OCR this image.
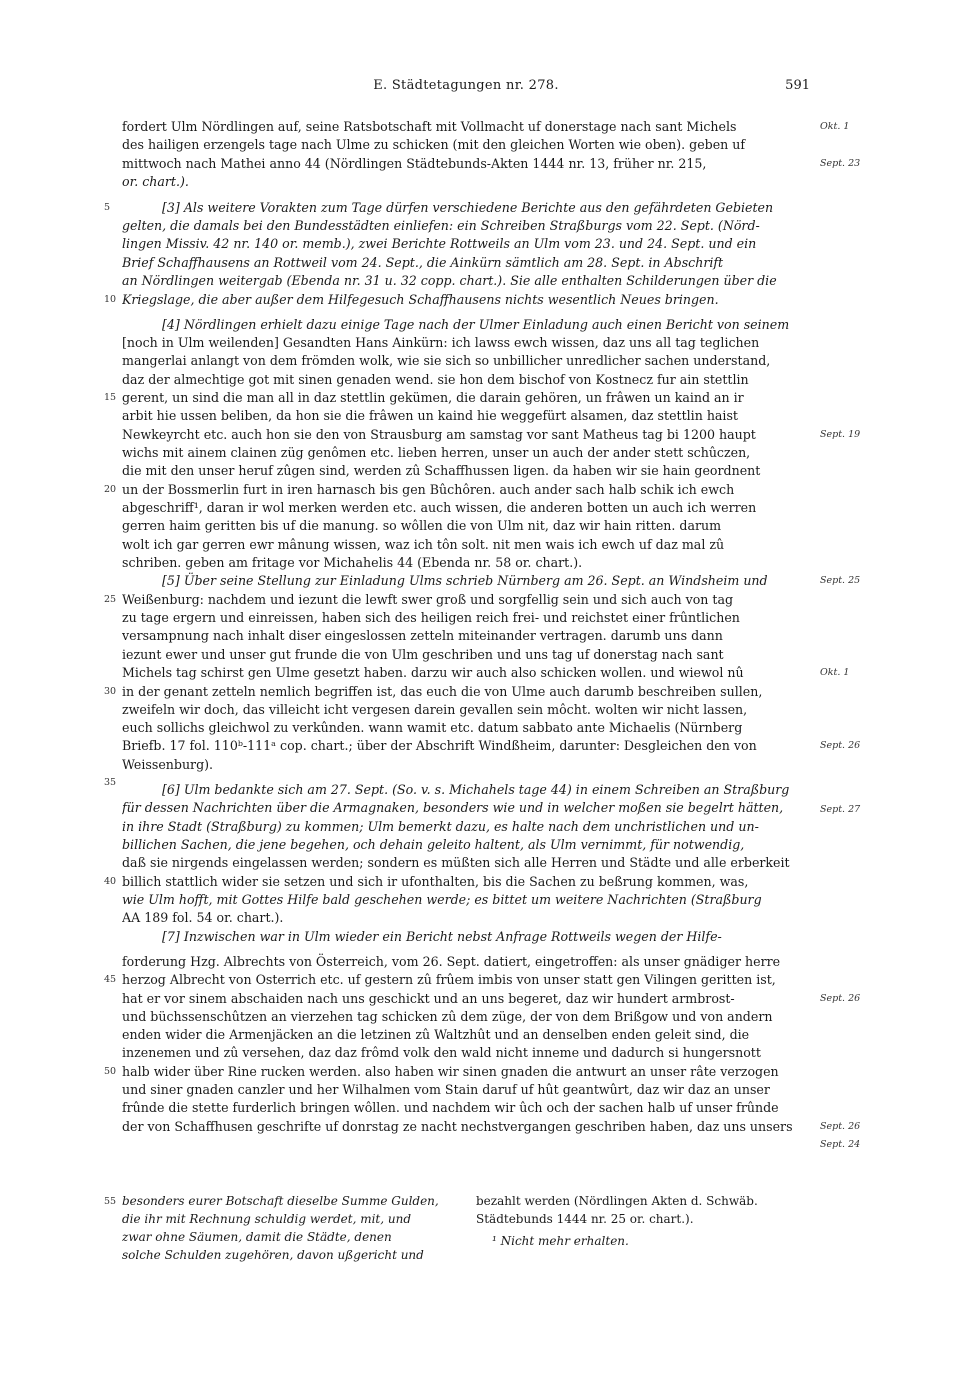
E. Städtetagungen nr. 278.	591
fordert Ulm Nördlingen auf, seine Ratsbotschaft mit Vollmacht uf donerstage nach sant Michels
des hailigen erzengels tage nach Ulme zu schicken (mit den gleichen Worten wie oben). geben uf
mittwoch nach Mathei anno 44 (Nördlingen Städtebunds-Akten 1444 nr. 13, früher nr. 215,
or. chart.).
[3] Als weitere Vorakten zum Tage dürfen verschiedene Berichte aus den gefährdeten Gebieten
gelten, die damals bei den Bundesstädten einliefen: ein Schreiben Straßburgs vom 22. Sept. (Nörd-
lingen Missiv. 42 nr. 140 or. memb.), zwei Berichte Rottweils an Ulm vom 23. und 24. Sept. und ein
Brief Schaffhausens an Rottweil vom 24. Sept., die Ainkürn sämtlich am 28. Sept. in Abschrift
an Nördlingen weitergab (Ebenda nr. 31 u. 32 copp. chart.). Sie alle enthalten Schilderungen über die
Kriegslage, die aber außer dem Hilfegesuch Schaffhausens nichts wesentlich Neues bringen.
[4] Nördlingen erhielt dazu einige Tage nach der Ulmer Einladung auch einen Bericht von seinem
[noch in Ulm weilenden] Gesandten Hans Ainkürn: ich lawss ewch wissen, daz uns all tag teglichen
mangerlai anlangt von dem frömden wolk, wie sie sich so unbillicher unredlicher sachen understand,
daz der almechtige got mit sinen genaden wend. sie hon dem bischof von Kostnecz fur ain stettlin
gerent, un sind die man all in daz stettlin gekümen, die darain gehören, un frâwen un kaind an ir
arbit hie ussen beliben, da hon sie die frâwen un kaind hie weggefürt alsamen, daz stettlin haist
Newkeyrcht etc. auch hon sie den von Strausburg am samstag vor sant Matheus tag bi 1200 haupt
wichs mit ainem clainen züg genômen etc. lieben herren, unser un auch der ander stett schûczen,
die mit den unser heruf zûgen sind, werden zû Schaffhussen ligen. da haben wir sie hain geordnent
un der Bossmerlin furt in iren harnasch bis gen Bûchôren. auch ander sach halb schik ich ewch
abgeschriff¹, daran ir wol merken werden etc. auch wissen, die anderen botten un auch ich werren
gerren haim geritten bis uf die manung. so wôllen die von Ulm nit, daz wir hain ritten. darum
wolt ich gar gerren ewr mânung wissen, waz ich tôn solt. nit men wais ich ewch uf daz mal zû
schriben. geben am fritage vor Michahelis 44 (Ebenda nr. 58 or. chart.).
[5] Über seine Stellung zur Einladung Ulms schrieb Nürnberg am 26. Sept. an Windsheim und
Weißenburg: nachdem und iezunt die lewft swer groß und sorgfellig sein und sich auch von tag
zu tage ergern und einreissen, haben sich des heiligen reich frei- und reichstet einer frûntlichen
versampnung nach inhalt diser eingeslossen zetteln miteinander vertragen. darumb uns dann
iezunt ewer und unser gut frunde die von Ulm geschriben und uns tag uf donerstag nach sant
Michels tag schirst gen Ulme gesetzt haben. darzu wir auch also schicken wollen. und wiewol nû
in der genant zetteln nemlich begriffen ist, das euch die von Ulme auch darumb beschreiben sullen,
zweifeln wir doch, das villeicht icht vergesen darein gevallen sein môcht. wolten wir nicht lassen,
euch sollichs gleichwol zu verkûnden. wann wamit etc. datum sabbato ante Michaelis (Nürnberg
Briefb. 17 fol. 110ᵇ-111ᵃ cop. chart.; über der Abschrift Windßheim, darunter: Desgleichen den von
Weissenburg).
[6] Ulm bedankte sich am 27. Sept. (So. v. s. Michahels tage 44) in einem Schreiben an Straßburg
für dessen Nachrichten über die Armagnaken, besonders wie und in welcher moßen sie begelrt hätten,
in ihre Stadt (Straßburg) zu kommen; Ulm bemerkt dazu, es halte nach dem unchristlichen und un-
billichen Sachen, die jene begehen, och dehain geleito haltent, als Ulm vernimmt, für notwendig,
daß sie nirgends eingelassen werden; sondern es müßten sich alle Herren und Städte und alle erberkeit
billich stattlich wider sie setzen und sich ir ufonthalten, bis die Sachen zu beßrung kommen, was,
wie Ulm hofft, mit Gottes Hilfe bald geschehen werde; es bittet um weitere Nachrichten (Straßburg
AA 189 fol. 54 or. chart.).
[7] Inzwischen war in Ulm wieder ein Bericht nebst Anfrage Rottweils wegen der Hilfe-
forderung Hzg. Albrechts von Österreich, vom 26. Sept. datiert, eingetroffen: als unser gnädiger herre
herzog Albrecht von Osterrich etc. uf gestern zû frûem imbis von unser statt gen Vilingen geritten ist,
hat er vor sinem abschaiden nach uns geschickt und an uns begeret, daz wir hundert armbrost-
und büchssenschûtzen an vierzehen tag schicken zû dem züge, der von dem Brißgow und von andern
enden wider die Armenjäcken an die letzinen zû Waltzhût und an denselben enden geleit sind, die
inzenemen und zû versehen, daz daz frômd volk den wald nicht inneme und dadurch si hungersnott
halb wider über Rine rucken werden. also haben wir sinen gnaden die antwurt an unser râte verzogen
und siner gnaden canzler und her Wilhalmen vom Stain daruf uf hût geantwûrt, daz wir daz an unser
frûnde die stette furderlich bringen wôllen. und nachdem wir ûch och der sachen halb uf unser frûnde
der von Schaffhusen geschrifte uf donrstag ze nacht nechstvergangen geschriben haben, daz uns unsers
5
10
15
20
25
30
35
40
45
50
55
Okt. 1
Sept. 23
Sept. 19
Sept. 25
Okt. 1
Sept. 26
Sept. 27
Sept. 26
Sept. 26
Sept. 24
besonders eurer Botschaft dieselbe Summe Gulden,
die ihr mit Rechnung schuldig werdet, mit, und
zwar ohne Säumen, damit die Städte, denen
solche Schulden zugehören, davon ußgericht und
bezahlt werden (Nördlingen Akten d. Schwäb.
Städtebunds 1444 nr. 25 or. chart.).
¹ Nicht mehr erhalten.
